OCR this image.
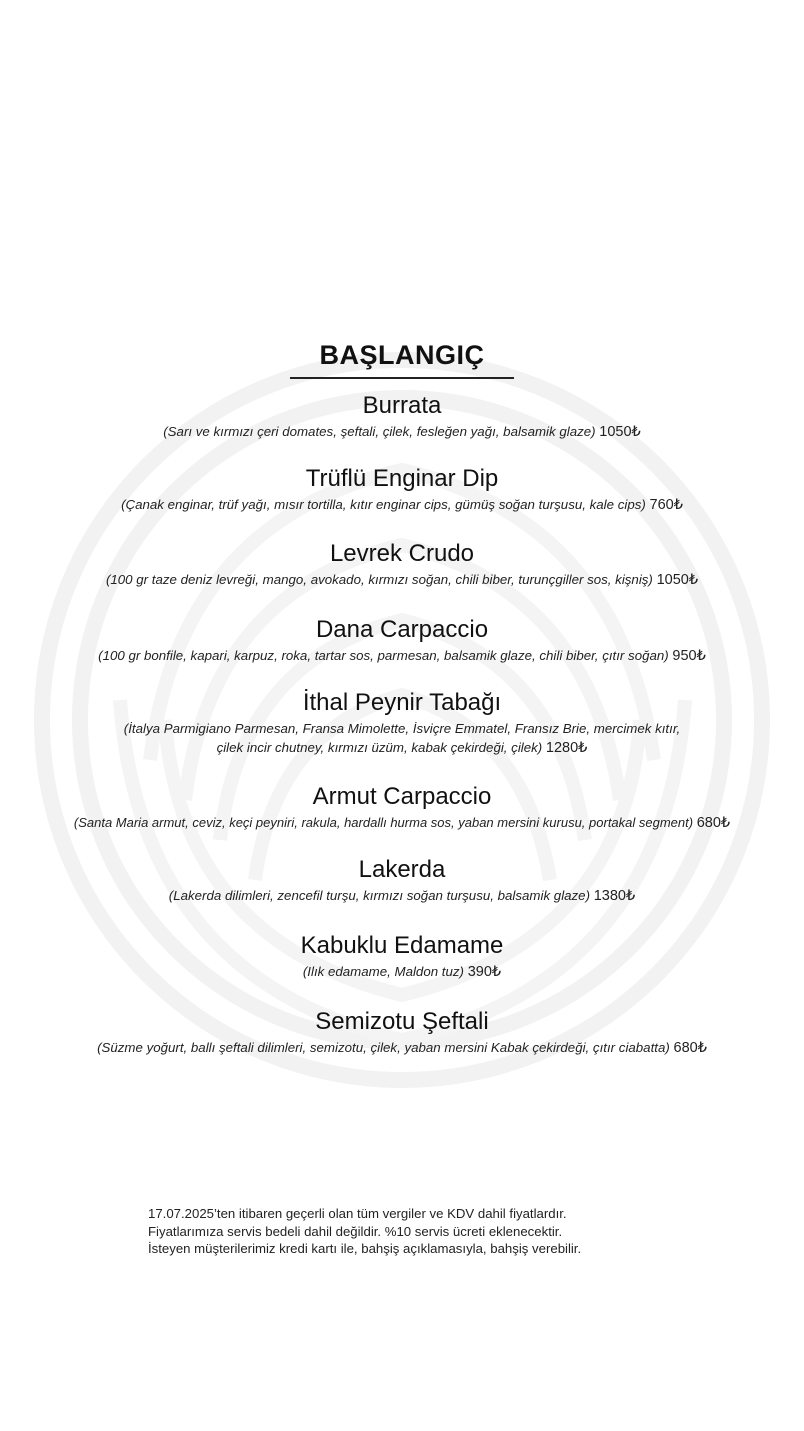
BAŞLANGIÇ
Burrata
(Sarı ve kırmızı çeri domates, şeftali, çilek, fesleğen yağı, balsamik glaze) 1050₺
Trüflü Enginar Dip
(Çanak enginar, trüf yağı, mısır tortilla, kıtır enginar cips, gümüş soğan turşusu, kale cips) 760₺
Levrek Crudo
(100 gr taze deniz levreği, mango, avokado, kırmızı soğan, chili biber, turunçgiller sos, kişniş) 1050₺
Dana Carpaccio
(100 gr bonfile, kapari, karpuz, roka, tartar sos, parmesan, balsamik glaze, chili biber, çıtır soğan) 950₺
İthal Peynir Tabağı
(İtalya Parmigiano Parmesan, Fransa Mimolette, İsviçre Emmatel, Fransız Brie, mercimek kıtır,
çilek incir chutney, kırmızı üzüm, kabak çekirdeği, çilek) 1280₺
Armut Carpaccio
(Santa Maria armut, ceviz, keçi peyniri, rakula, hardallı hurma sos, yaban mersini kurusu, portakal segment) 680₺
Lakerda
(Lakerda dilimleri, zencefil turşu, kırmızı soğan turşusu, balsamik glaze) 1380₺
Kabuklu Edamame
(Ilık edamame, Maldon tuz) 390₺
Semizotu Şeftali
(Süzme yoğurt, ballı şeftali dilimleri, semizotu, çilek, yaban mersini Kabak çekirdeği, çıtır ciabatta) 680₺
17.07.2025’ten itibaren geçerli olan tüm vergiler ve KDV dahil fiyatlardır.
Fiyatlarımıza servis bedeli dahil değildir. %10 servis ücreti eklenecektir.
İsteyen müşterilerimiz kredi kartı ile, bahşiş açıklamasıyla, bahşiş verebilir.
